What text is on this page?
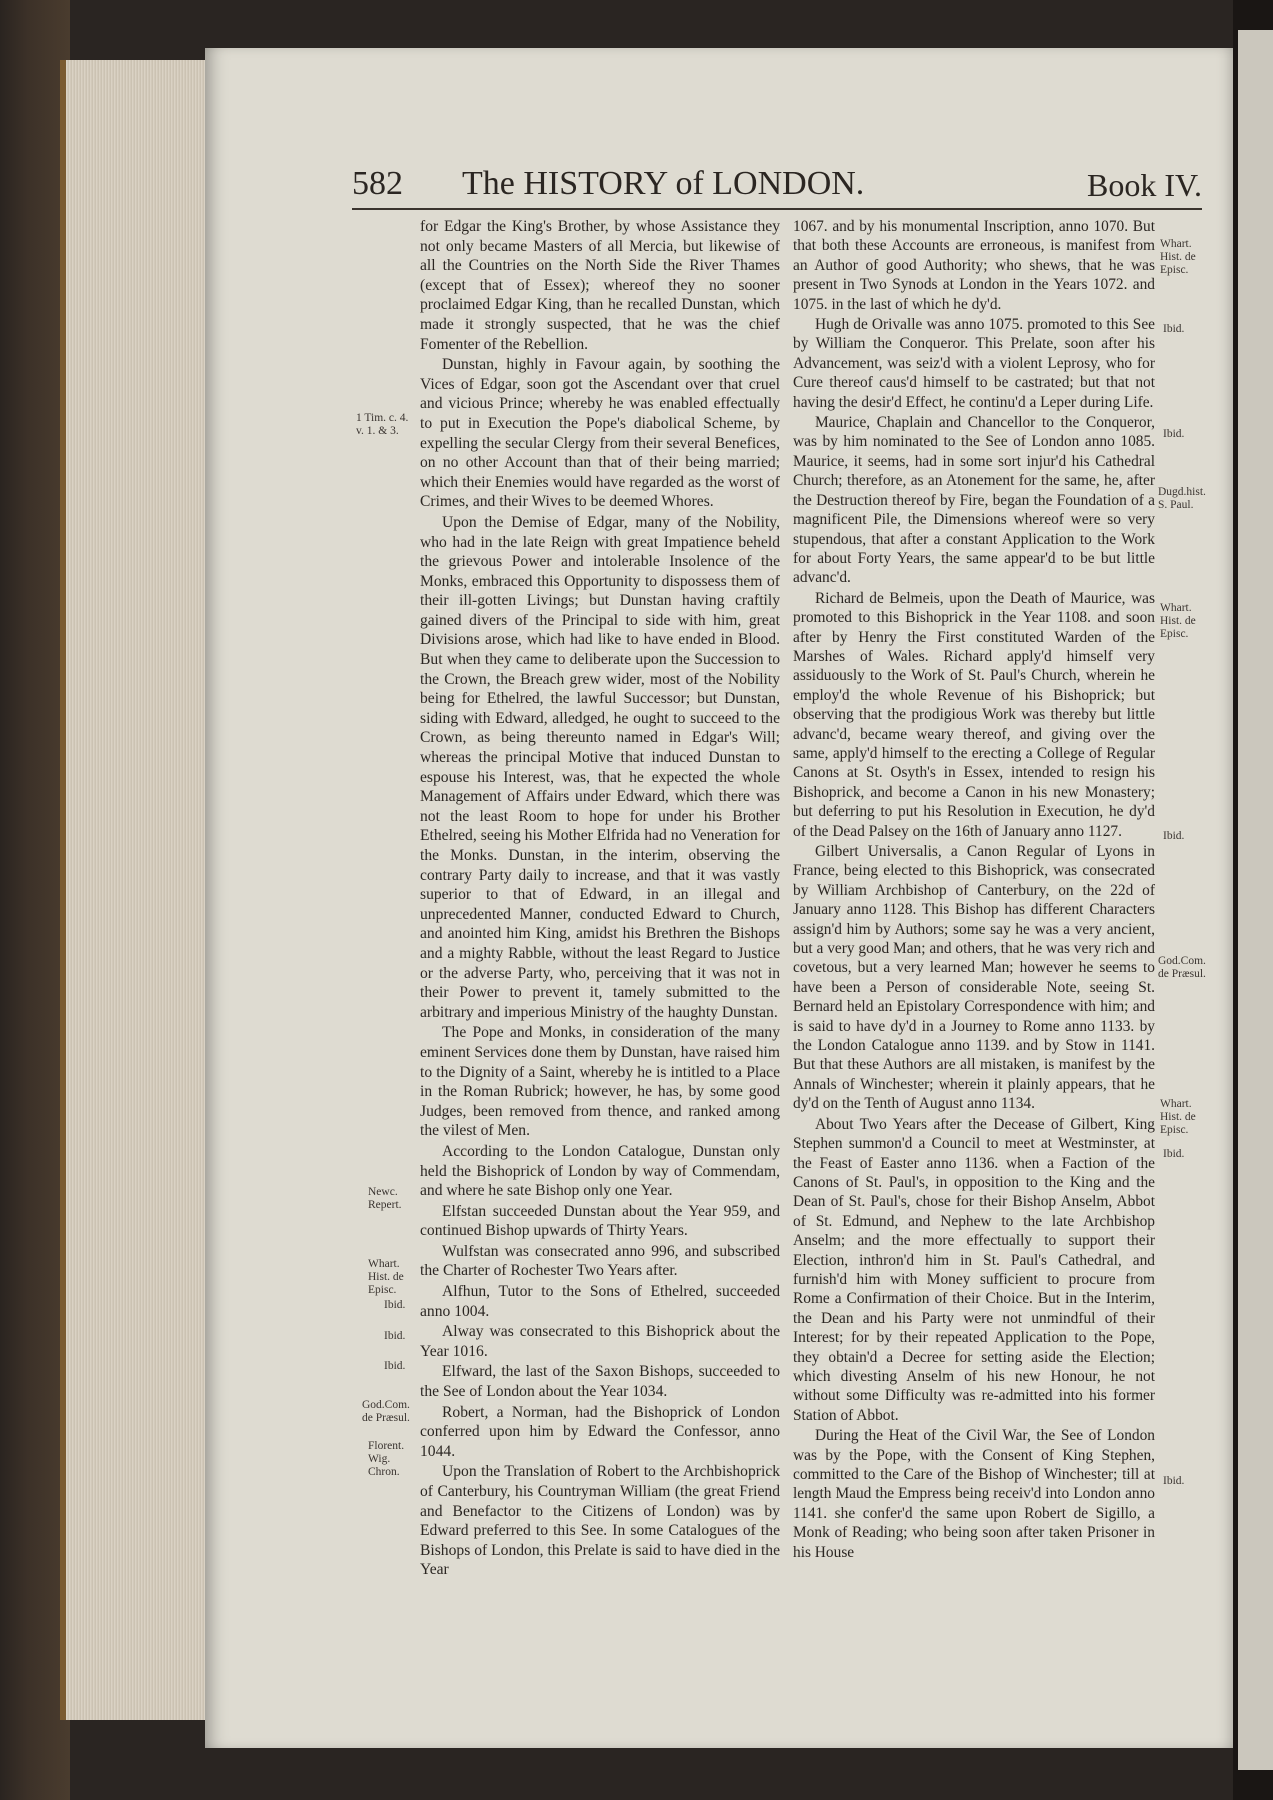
582 The HISTORY of LONDON.	Book IV.

for Edgar the King's Brother, by whose Assistance they not only became Masters of all Mercia, but likewise of all the Countries on the North Side the River Thames (except that of Essex); whereof they no sooner proclaimed Edgar King, than he recalled Dunstan, which made it strongly suspected, that he was the chief Fomenter of the Rebellion.

Dunstan, highly in Favour again, by soothing the Vices of Edgar, soon got the Ascendant over that cruel and vicious Prince; whereby he was enabled effectually to put in Execution the Pope's diabolical Scheme, by expelling the secular Clergy from their several Benefices, on no other Account than that of their being married; which their Enemies would have regarded as the worst of Crimes, and their Wives to be deemed Whores.

Upon the Demise of Edgar, many of the Nobility, who had in the late Reign with great Impatience beheld the grievous Power and intolerable Insolence of the Monks, embraced this Opportunity to dispossess them of their ill-gotten Livings; but Dunstan having craftily gained divers of the Principal to side with him, great Divisions arose, which had like to have ended in Blood. But when they came to deliberate upon the Succession to the Crown, the Breach grew wider, most of the Nobility being for Ethelred, the lawful Successor; but Dunstan, siding with Edward, alledged, he ought to succeed to the Crown, as being thereunto named in Edgar's Will; whereas the principal Motive that induced Dunstan to espouse his Interest, was, that he expected the whole Management of Affairs under Edward, which there was not the least Room to hope for under his Brother Ethelred, seeing his Mother Elfrida had no Veneration for the Monks. Dunstan, in the interim, observing the contrary Party daily to increase, and that it was vastly superior to that of Edward, in an illegal and unprecedented Manner, conducted Edward to Church, and anointed him King, amidst his Brethren the Bishops and a mighty Rabble, without the least Regard to Justice or the adverse Party, who, perceiving that it was not in their Power to prevent it, tamely submitted to the arbitrary and imperious Ministry of the haughty Dunstan.

The Pope and Monks, in consideration of the many eminent Services done them by Dunstan, have raised him to the Dignity of a Saint, whereby he is intitled to a Place in the Roman Rubrick; however, he has, by some good Judges, been removed from thence, and ranked among the vilest of Men.

According to the London Catalogue, Dunstan only held the Bishoprick of London by way of Commendam, and where he sate Bishop only one Year.

Elfstan succeeded Dunstan about the Year 959, and continued Bishop upwards of Thirty Years.

Wulfstan was consecrated anno 996, and subscribed the Charter of Rochester Two Years after.

Alfhun, Tutor to the Sons of Ethelred, succeeded anno 1004.

Alway was consecrated to this Bishoprick about the Year 1016.

Elfward, the last of the Saxon Bishops, succeeded to the See of London about the Year 1034.

Robert, a Norman, had the Bishoprick of London conferred upon him by Edward the Confessor, anno 1044.

Upon the Translation of Robert to the Archbishoprick of Canterbury, his Countryman William (the great Friend and Benefactor to the Citizens of London) was by Edward preferred to this See. In some Catalogues of the Bishops of London, this Prelate is said to have died in the Year

1067. and by his monumental Inscription, anno 1070. But that both these Accounts are erroneous, is manifest from an Author of good Authority; who shews, that he was present in Two Synods at London in the Years 1072. and 1075. in the last of which he dy'd.

Hugh de Orivalle was anno 1075. promoted to this See by William the Conqueror. This Prelate, soon after his Advancement, was seiz'd with a violent Leprosy, who for Cure thereof caus'd himself to be castrated; but that not having the desir'd Effect, he continu'd a Leper during Life.

Maurice, Chaplain and Chancellor to the Conqueror, was by him nominated to the See of London anno 1085. Maurice, it seems, had in some sort injur'd his Cathedral Church; therefore, as an Atonement for the same, he, after the Destruction thereof by Fire, began the Foundation of a magnificent Pile, the Dimensions whereof were so very stupendous, that after a constant Application to the Work for about Forty Years, the same appear'd to be but little advanc'd.

Richard de Belmeis, upon the Death of Maurice, was promoted to this Bishoprick in the Year 1108. and soon after by Henry the First constituted Warden of the Marshes of Wales. Richard apply'd himself very assiduously to the Work of St. Paul's Church, wherein he employ'd the whole Revenue of his Bishoprick; but observing that the prodigious Work was thereby but little advanc'd, became weary thereof, and giving over the same, apply'd himself to the erecting a College of Regular Canons at St. Osyth's in Essex, intended to resign his Bishoprick, and become a Canon in his new Monastery; but deferring to put his Resolution in Execution, he dy'd of the Dead Palsey on the 16th of January anno 1127.

Gilbert Universalis, a Canon Regular of Lyons in France, being elected to this Bishoprick, was consecrated by William Archbishop of Canterbury, on the 22d of January anno 1128. This Bishop has different Characters assign'd him by Authors; some say he was a very ancient, but a very good Man; and others, that he was very rich and covetous, but a very learned Man; however he seems to have been a Person of considerable Note, seeing St. Bernard held an Epistolary Correspondence with him; and is said to have dy'd in a Journey to Rome anno 1133. by the London Catalogue anno 1139. and by Stow in 1141. But that these Authors are all mistaken, is manifest by the Annals of Winchester; wherein it plainly appears, that he dy'd on the Tenth of August anno 1134.

About Two Years after the Decease of Gilbert, King Stephen summon'd a Council to meet at Westminster, at the Feast of Easter anno 1136. when a Faction of the Canons of St. Paul's, in opposition to the King and the Dean of St. Paul's, chose for their Bishop Anselm, Abbot of St. Edmund, and Nephew to the late Archbishop Anselm; and the more effectually to support their Election, inthron'd him in St. Paul's Cathedral, and furnish'd him with Money sufficient to procure from Rome a Confirmation of their Choice. But in the Interim, the Dean and his Party were not unmindful of their Interest; for by their repeated Application to the Pope, they obtain'd a Decree for setting aside the Election; which divesting Anselm of his new Honour, he not without some Difficulty was re-admitted into his former Station of Abbot.

During the Heat of the Civil War, the See of London was by the Pope, with the Consent of King Stephen, committed to the Care of the Bishop of Winchester; till at length Maud the Empress being receiv'd into London anno 1141. she confer'd the same upon Robert de Sigillo, a Monk of Reading; who being soon after taken Prisoner in his House

1 Tim. c. 4. v. 1. & 3.
Newc. Repert.
Whart. Hist. de Episc.
Ibid.
Ibid.
Ibid.
God.Com. de Præsul.
Florent. Wig. Chron.
Whart. Hist. de Episc.
Ibid.
Ibid.
Dugd.hist. S. Paul.
Whart. Hist. de Episc.
Ibid.
God.Com. de Præsul.
Whart. Hist. de Episc.
Ibid.
Ibid.
